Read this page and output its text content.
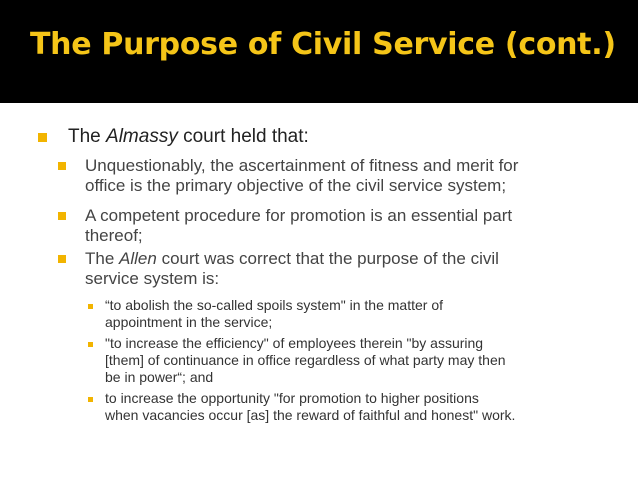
The Purpose of Civil Service (cont.)
The Almassy court held that:
Unquestionably, the ascertainment of fitness and merit for
office is the primary objective of the civil service system;
A competent procedure for promotion is an essential part
thereof;
The Allen court was correct that the purpose of the civil
service system is:
“to abolish the so-called spoils system" in the matter of
appointment in the service;
"to increase the efficiency" of employees therein "by assuring
[them] of continuance in office regardless of what party may then
be in power“; and
to increase the opportunity "for promotion to higher positions
when vacancies occur [as] the reward of faithful and honest" work.
